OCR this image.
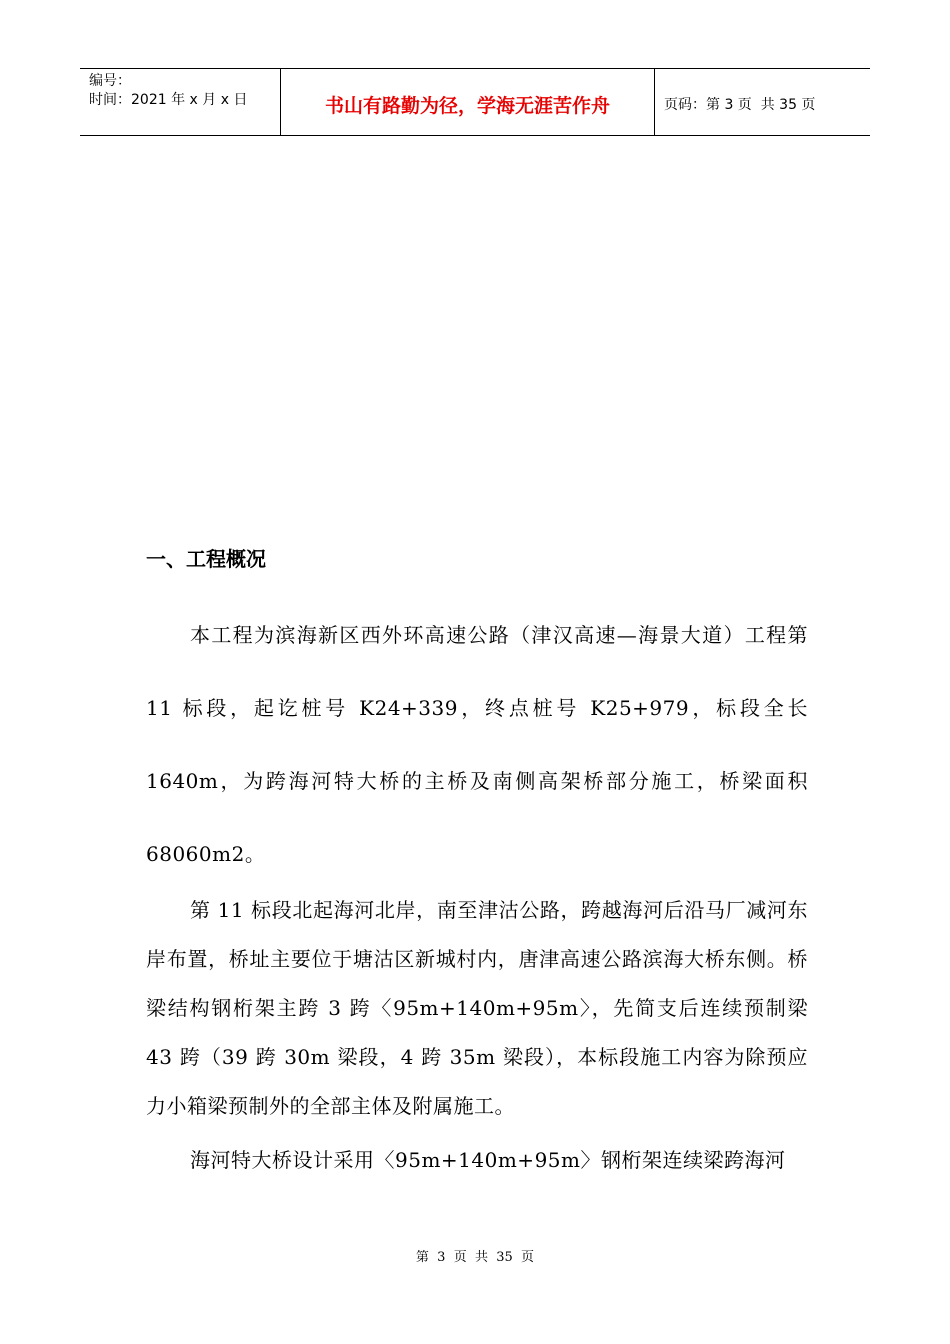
编号：
时间：2021 年 x 月 x 日	书山有路勤为径，学海无涯苦作舟	页码：第 3 页  共 35 页
一、工程概况

本工程为滨海新区西外环高速公路（津汉高速—海景大道）工程第 11 标段，起讫桩号 K24+339，终点桩号 K25+979，标段全长 1640m，为跨海河特大桥的主桥及南侧高架桥部分施工，桥梁面积 68060m2。

第 11 标段北起海河北岸，南至津沽公路，跨越海河后沿马厂减河东岸布置，桥址主要位于塘沽区新城村内，唐津高速公路滨海大桥东侧。桥梁结构钢桁架主跨 3 跨〈95m+140m+95m〉，先简支后连续预制梁 43 跨（39 跨 30m 梁段，4 跨 35m 梁段），本标段施工内容为除预应力小箱梁预制外的全部主体及附属施工。

海河特大桥设计采用〈95m+140m+95m〉钢桁架连续梁跨海河

第  3  页  共  35  页
